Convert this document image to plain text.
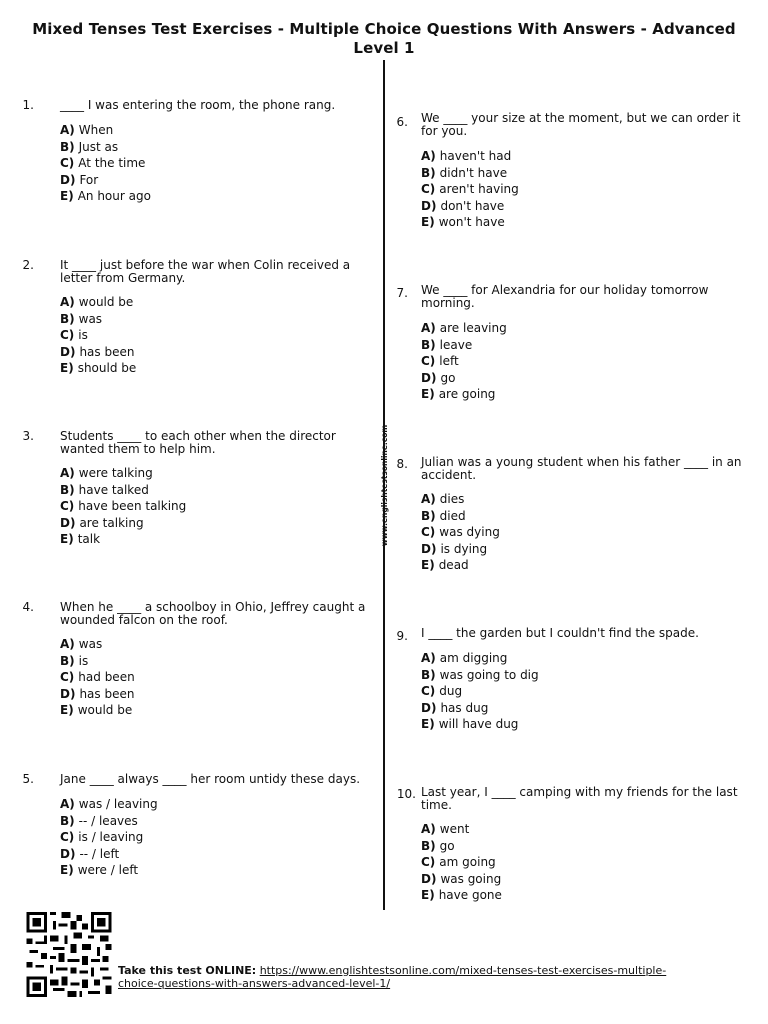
Mixed Tenses Test Exercises - Multiple Choice Questions With Answers - Advanced Level 1
www.englishtestsonline.com
1. ____ I was entering the room, the phone rang.
A) When
B) Just as
C) At the time
D) For
E) An hour ago
2. It ____ just before the war when Colin received a letter from Germany.
A) would be
B) was
C) is
D) has been
E) should be
3. Students ____ to each other when the director wanted them to help him.
A) were talking
B) have talked
C) have been talking
D) are talking
E) talk
4. When he ____ a schoolboy in Ohio, Jeffrey caught a wounded falcon on the roof.
A) was
B) is
C) had been
D) has been
E) would be
5. Jane ____ always ____ her room untidy these days.
A) was / leaving
B) -- / leaves
C) is / leaving
D) -- / left
E) were / left
6. We ____ your size at the moment, but we can order it for you.
A) haven't had
B) didn't have
C) aren't having
D) don't have
E) won't have
7. We ____ for Alexandria for our holiday tomorrow morning.
A) are leaving
B) leave
C) left
D) go
E) are going
8. Julian was a young student when his father ____ in an accident.
A) dies
B) died
C) was dying
D) is dying
E) dead
9. I ____ the garden but I couldn't find the spade.
A) am digging
B) was going to dig
C) dug
D) has dug
E) will have dug
10. Last year, I ____ camping with my friends for the last time.
A) went
B) go
C) am going
D) was going
E) have gone
Take this test ONLINE: https://www.englishtestsonline.com/mixed-tenses-test-exercises-multiple-choice-questions-with-answers-advanced-level-1/
